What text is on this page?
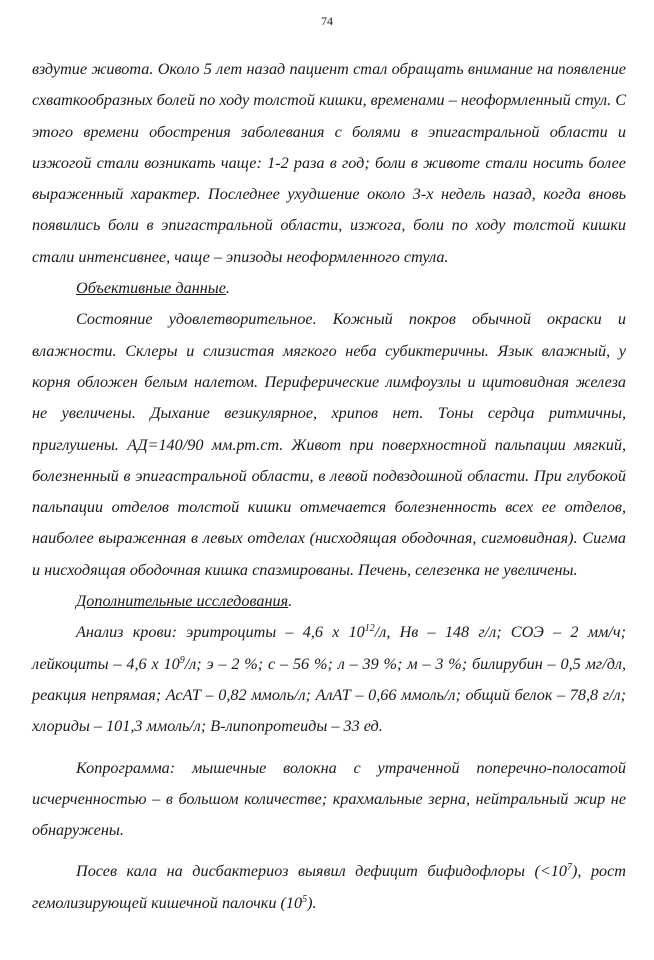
74

вздутие живота. Около 5 лет назад пациент стал обращать внимание на появление схваткообразных болей по ходу толстой кишки, временами – неоформленный стул. С этого времени обострения заболевания с болями в эпигастральной области и изжогой стали возникать чаще: 1-2 раза в год; боли в животе стали носить более выраженный характер. Последнее ухудшение около 3-х недель назад, когда вновь появились боли в эпигастральной области, изжога, боли по ходу толстой кишки стали интенсивнее, чаще – эпизоды неоформленного стула.

Объективные данные.

Состояние удовлетворительное. Кожный покров обычной окраски и влажности. Склеры и слизистая мягкого неба субиктеричны. Язык влажный, у корня обложен белым налетом. Периферические лимфоузлы и щитовидная железа не увеличены. Дыхание везикулярное, хрипов нет. Тоны сердца ритмичны, приглушены. АД=140/90 мм.рт.ст. Живот при поверхностной пальпации мягкий, болезненный в эпигастральной области, в левой подвздошной области. При глубокой пальпации отделов толстой кишки отмечается болезненность всех ее отделов, наиболее выраженная в левых отделах (нисходящая ободочная, сигмовидная). Сигма и нисходящая ободочная кишка спазмированы. Печень, селезенка не увеличены.

Дополнительные исследования.

Анализ крови: эритроциты – 4,6 х $10^{12}/л$, Нв – 148 г/л; СОЭ – 2 мм/ч; лейкоциты – 4,6 х $10^9/л$; э – 2 %; с – 56 %; л – 39 %; м – 3 %; билирубин – 0,5 мг/дл, реакция непрямая; АсАТ – 0,82 ммоль/л; АлАТ – 0,66 ммоль/л; общий белок – 78,8 г/л; хлориды – 101,3 ммоль/л; В-липопротеиды – 33 ед.

Копрограмма: мышечные волокна с утраченной поперечно-полосатой исчерченностью – в большом количестве; крахмальные зерна, нейтральный жир не обнаружены.

Посев кала на дисбактериоз выявил дефицит бифидофлоры $(<10^7)$, рост гемолизирующей кишечной палочки $(10^5)$.
